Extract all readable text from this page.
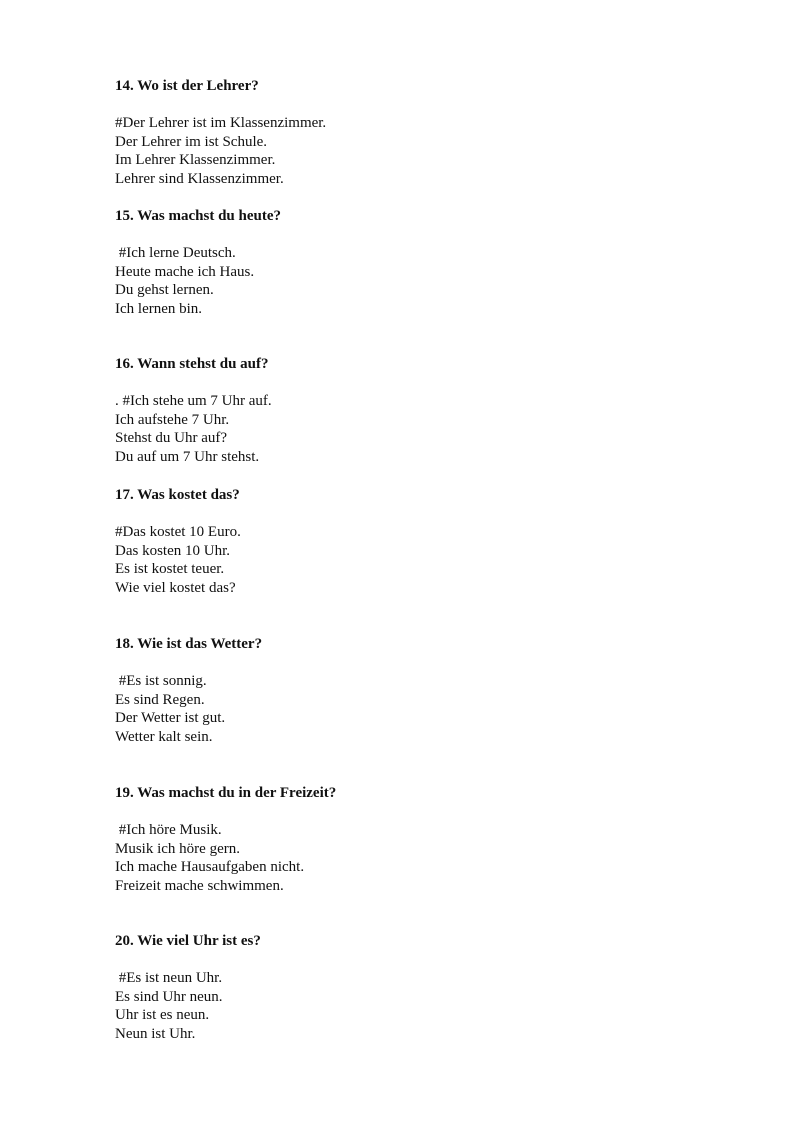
14. Wo ist der Lehrer?

#Der Lehrer ist im Klassenzimmer.
Der Lehrer im ist Schule.
Im Lehrer Klassenzimmer.
Lehrer sind Klassenzimmer.

15. Was machst du heute?

#Ich lerne Deutsch.
Heute mache ich Haus.
Du gehst lernen.
Ich lernen bin.

16. Wann stehst du auf?

. #Ich stehe um 7 Uhr auf.
Ich aufstehe 7 Uhr.
Stehst du Uhr auf?
Du auf um 7 Uhr stehst.

17. Was kostet das?

#Das kostet 10 Euro.
Das kosten 10 Uhr.
Es ist kostet teuer.
Wie viel kostet das?

18. Wie ist das Wetter?

#Es ist sonnig.
Es sind Regen.
Der Wetter ist gut.
Wetter kalt sein.

19. Was machst du in der Freizeit?

#Ich höre Musik.
Musik ich höre gern.
Ich mache Hausaufgaben nicht.
Freizeit mache schwimmen.

20. Wie viel Uhr ist es?

#Es ist neun Uhr.
Es sind Uhr neun.
Uhr ist es neun.
Neun ist Uhr.
